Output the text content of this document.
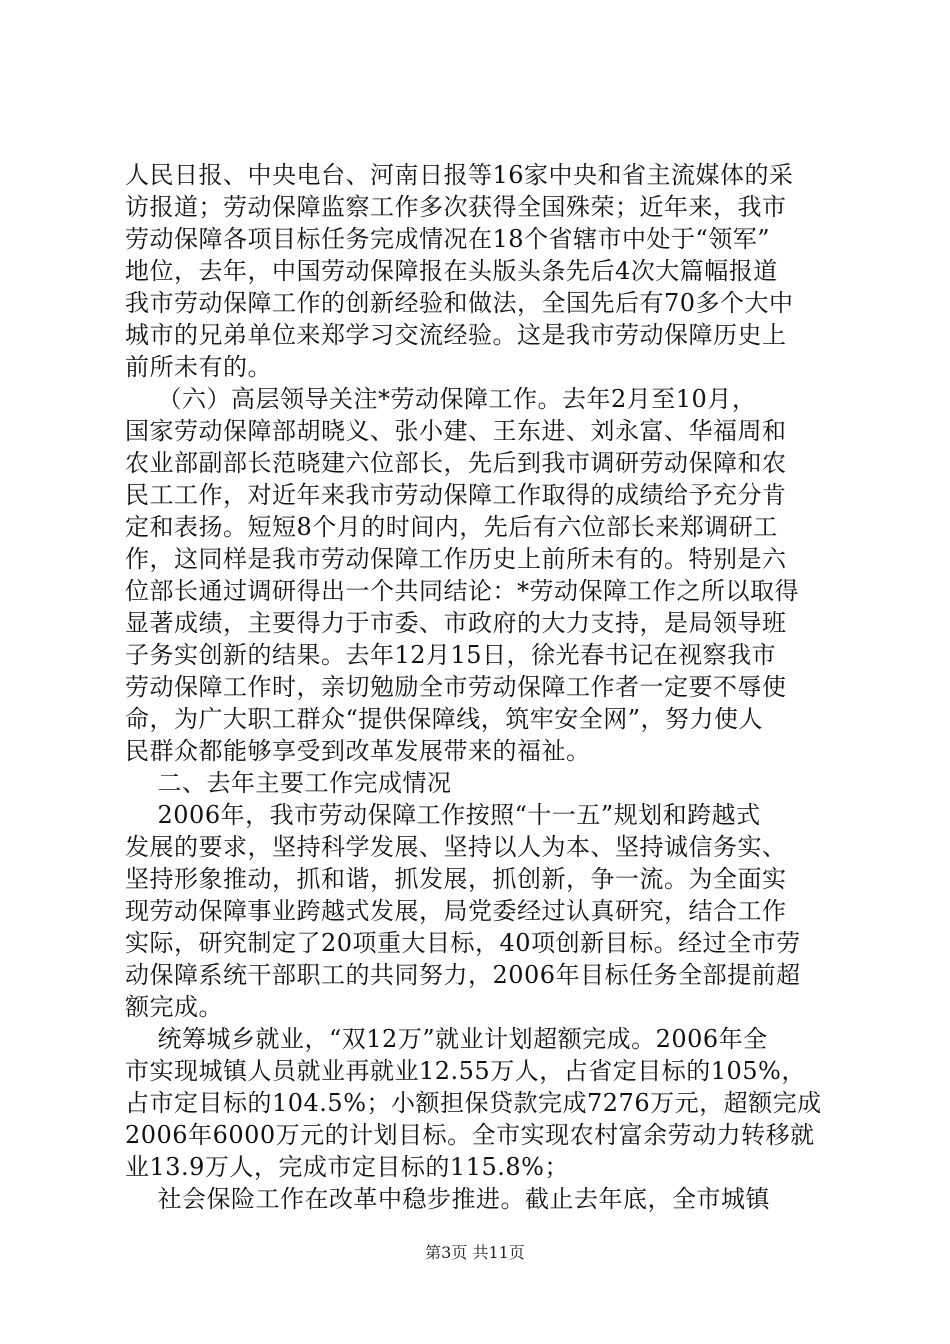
人民日报、中央电台、河南日报等16家中央和省主流媒体的采
访报道；劳动保障监察工作多次获得全国殊荣；近年来，我市
劳动保障各项目标任务完成情况在18个省辖市中处于“领军”
地位，去年，中国劳动保障报在头版头条先后4次大篇幅报道
我市劳动保障工作的创新经验和做法，全国先后有70多个大中
城市的兄弟单位来郑学习交流经验。这是我市劳动保障历史上
前所未有的。
（六）高层领导关注*劳动保障工作。去年2月至10月，
国家劳动保障部胡晓义、张小建、王东进、刘永富、华福周和
农业部副部长范晓建六位部长，先后到我市调研劳动保障和农
民工工作，对近年来我市劳动保障工作取得的成绩给予充分肯
定和表扬。短短8个月的时间内，先后有六位部长来郑调研工
作，这同样是我市劳动保障工作历史上前所未有的。特别是六
位部长通过调研得出一个共同结论：*劳动保障工作之所以取得
显著成绩，主要得力于市委、市政府的大力支持，是局领导班
子务实创新的结果。去年12月15日，徐光春书记在视察我市
劳动保障工作时，亲切勉励全市劳动保障工作者一定要不辱使
命，为广大职工群众“提供保障线，筑牢安全网”，努力使人
民群众都能够享受到改革发展带来的福祉。
二、去年主要工作完成情况
2006年，我市劳动保障工作按照“十一五”规划和跨越式
发展的要求，坚持科学发展、坚持以人为本、坚持诚信务实、
坚持形象推动，抓和谐，抓发展，抓创新，争一流。为全面实
现劳动保障事业跨越式发展，局党委经过认真研究，结合工作
实际，研究制定了20项重大目标，40项创新目标。经过全市劳
动保障系统干部职工的共同努力，2006年目标任务全部提前超
额完成。
统筹城乡就业，“双12万”就业计划超额完成。2006年全
市实现城镇人员就业再就业12.55万人，占省定目标的105%，
占市定目标的104.5%；小额担保贷款完成7276万元，超额完成
2006年6000万元的计划目标。全市实现农村富余劳动力转移就
业13.9万人，完成市定目标的115.8%；
社会保险工作在改革中稳步推进。截止去年底，全市城镇
第3页 共11页
